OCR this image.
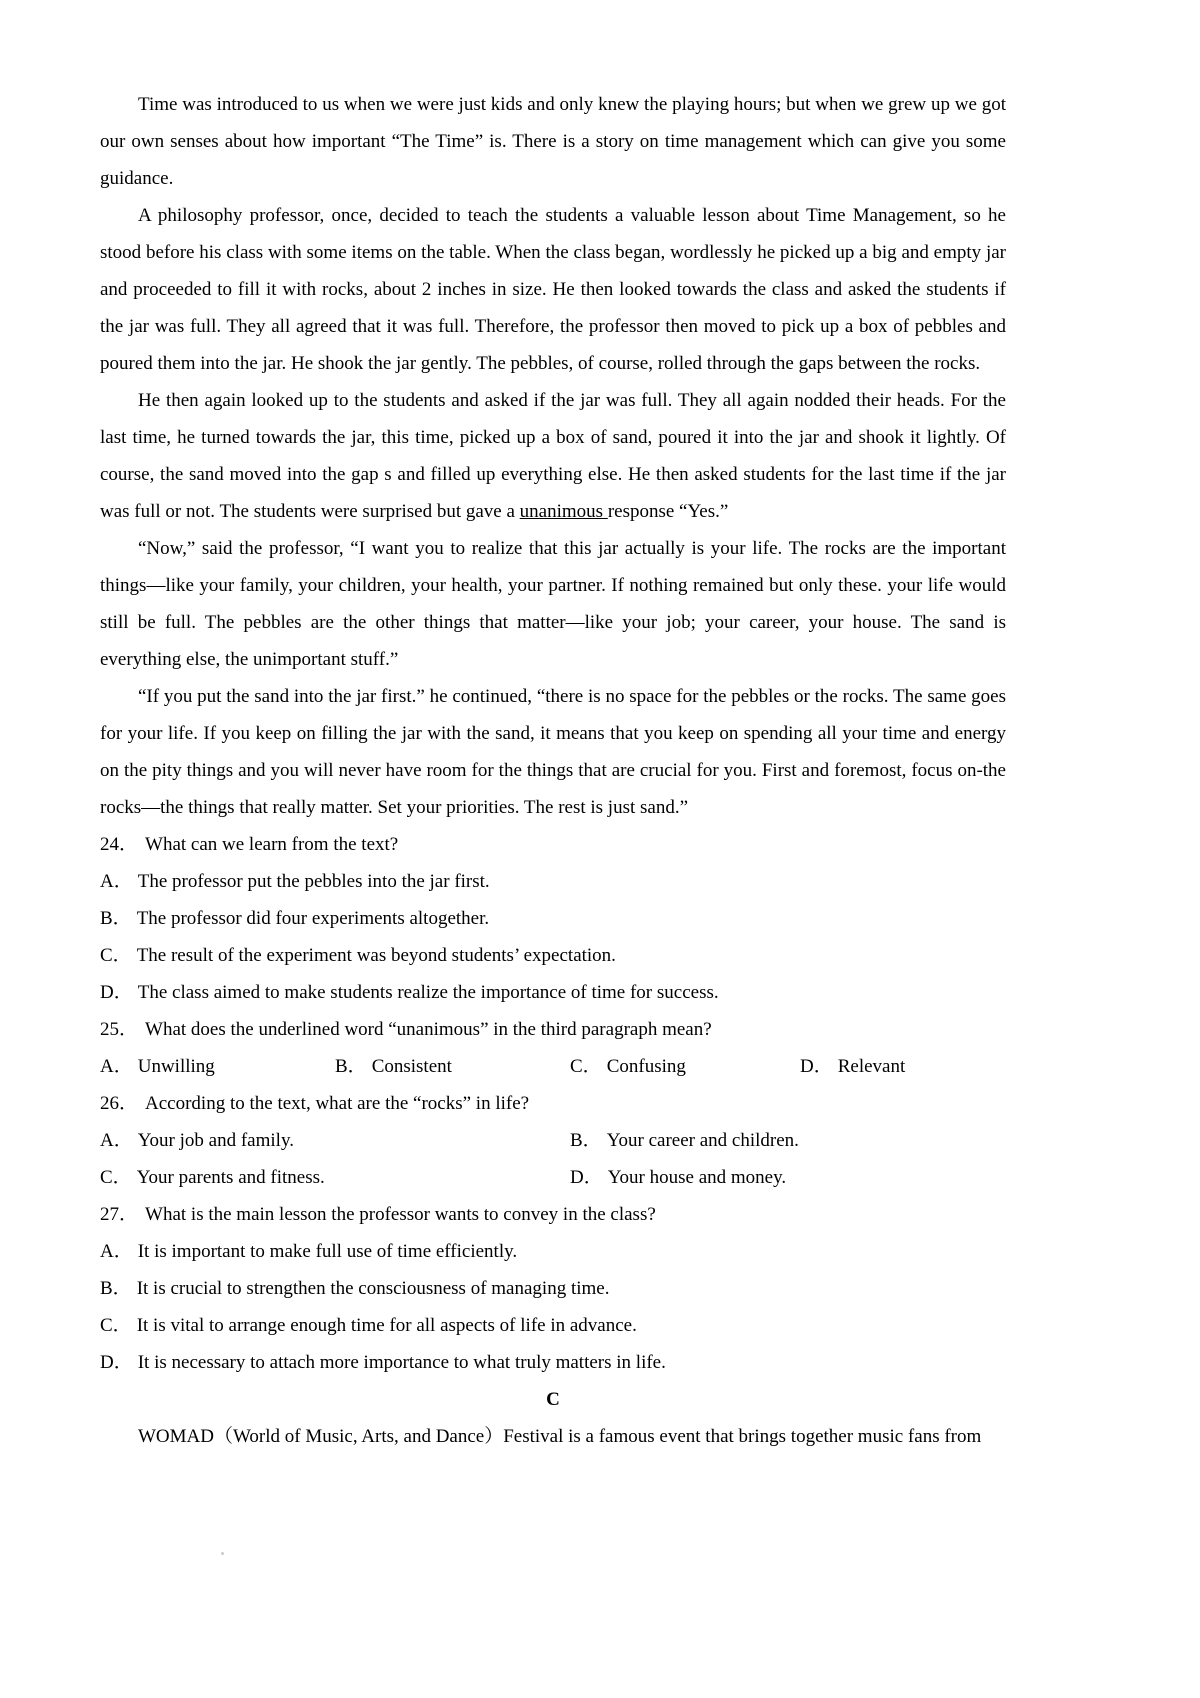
Time was introduced to us when we were just kids and only knew the playing hours; but when we grew up we got our own senses about how important “The Time” is. There is a story on time management which can give you some guidance.

A philosophy professor, once, decided to teach the students a valuable lesson about Time Management, so he stood before his class with some items on the table. When the class began, wordlessly he picked up a big and empty jar and proceeded to fill it with rocks, about 2 inches in size. He then looked towards the class and asked the students if the jar was full. They all agreed that it was full. Therefore, the professor then moved to pick up a box of pebbles and poured them into the jar. He shook the jar gently. The pebbles, of course, rolled through the gaps between the rocks.

He then again looked up to the students and asked if the jar was full. They all again nodded their heads. For the last time, he turned towards the jar, this time, picked up a box of sand, poured it into the jar and shook it lightly. Of course, the sand moved into the gap s and filled up everything else. He then asked students for the last time if the jar was full or not. The students were surprised but gave a unanimous response “Yes.”

“Now,” said the professor, “I want you to realize that this jar actually is your life. The rocks are the important things—like your family, your children, your health, your partner. If nothing remained but only these. your life would still be full. The pebbles are the other things that matter—like your job; your career, your house. The sand is everything else, the unimportant stuff.”

“If you put the sand into the jar first.” he continued, “there is no space for the pebbles or the rocks. The same goes for your life. If you keep on filling the jar with the sand, it means that you keep on spending all your time and energy on the pity things and you will never have room for the things that are crucial for you. First and foremost, focus on-the rocks—the things that really matter. Set your priorities. The rest is just sand.”

24． What can we learn from the text?
A． The professor put the pebbles into the jar first.
B． The professor did four experiments altogether.
C． The result of the experiment was beyond students’ expectation.
D． The class aimed to make students realize the importance of time for success.
25． What does the underlined word “unanimous” in the third paragraph mean?
A． Unwilling	B． Consistent	C． Confusing	D． Relevant
26． According to the text, what are the “rocks” in life?
A． Your job and family.	B． Your career and children.
C． Your parents and fitness.	D． Your house and money.
27． What is the main lesson the professor wants to convey in the class?
A． It is important to make full use of time efficiently.
B． It is crucial to strengthen the consciousness of managing time.
C． It is vital to arrange enough time for all aspects of life in advance.
D． It is necessary to attach more importance to what truly matters in life.
C

WOMAD（World of Music, Arts, and Dance）Festival is a famous event that brings together music fans from
